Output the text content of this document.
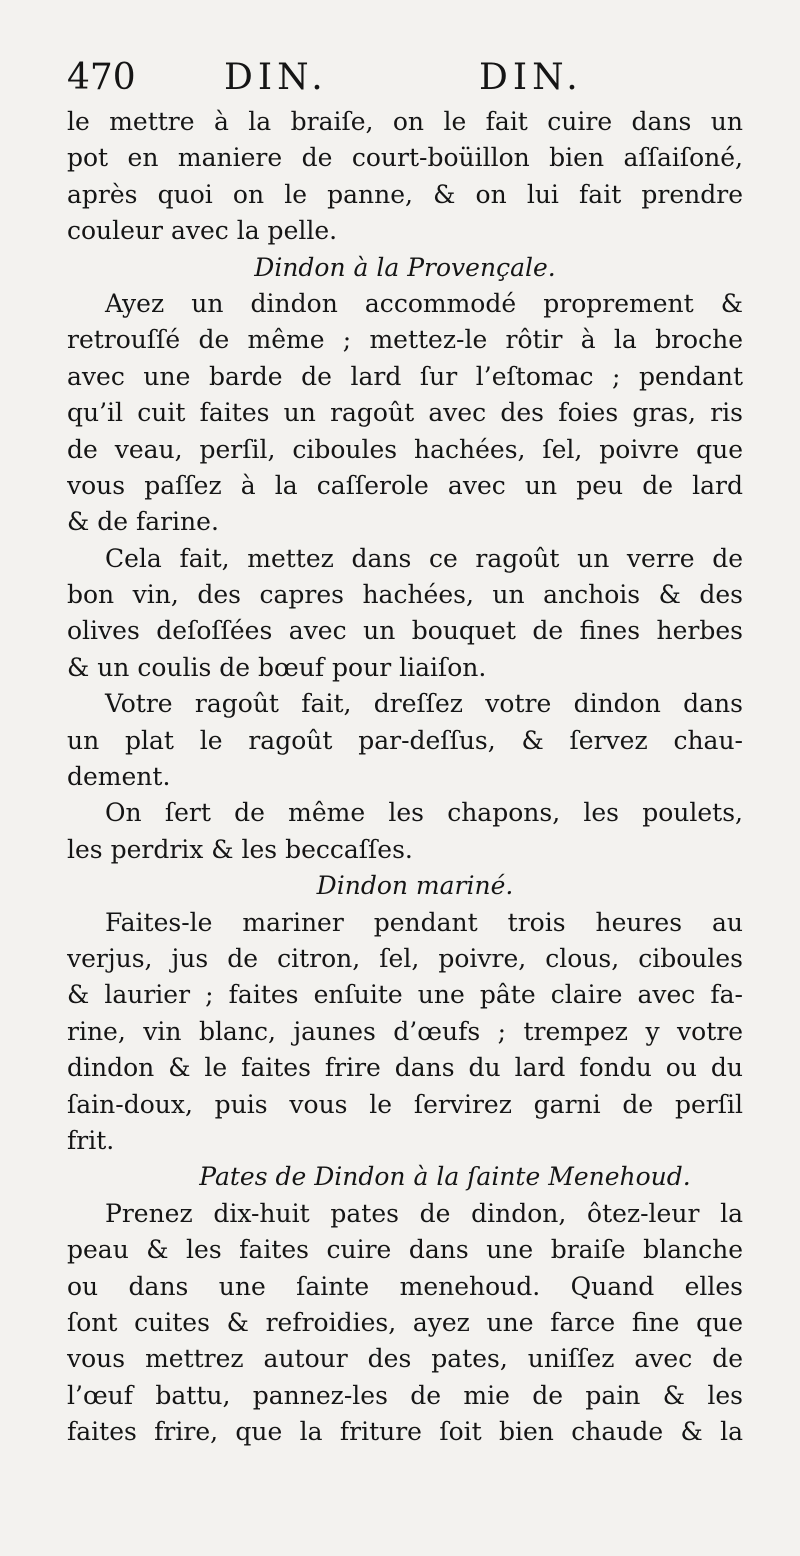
470 DIN.	DIN.
le mettre à la braiſe, on le fait cuire dans un
pot en maniere de court-boüillon bien aſſaiſoné,
après quoi on le panne, & on lui fait prendre
couleur avec la pelle.
Dindon à la Provençale.
Ayez un dindon accommodé proprement &
retrouſſé de même ; mettez-le rôtir à la broche
avec une barde de lard ſur l’eſtomac ; pendant
qu’il cuit faites un ragoût avec des foies gras, ris
de veau, perſil, ciboules hachées, ſel, poivre que
vous paſſez à la caſſerole avec un peu de lard
& de farine.
Cela fait, mettez dans ce ragoût un verre de
bon vin, des capres hachées, un anchois & des
olives deſoſſées avec un bouquet de fines herbes
& un coulis de bœuf pour liaiſon.
Votre ragoût fait, dreſſez votre dindon dans
un plat le ragoût par-deſſus, & ſervez chau-
dement.
On ſert de même les chapons, les poulets,
les perdrix & les beccaſſes.
Dindon mariné.
Faites-le mariner pendant trois heures au
verjus, jus de citron, ſel, poivre, clous, ciboules
& laurier ; faites enſuite une pâte claire avec fa-
rine, vin blanc, jaunes d’œufs ; trempez y votre
dindon & le faites frire dans du lard fondu ou du
ſain-doux, puis vous le ſervirez garni de perſil
frit.
Pates de Dindon à la ſainte Menehoud.
Prenez dix-huit pates de dindon, ôtez-leur la
peau & les faites cuire dans une braiſe blanche
ou dans une ſainte menehoud. Quand elles
ſont cuites & refroidies, ayez une farce fine que
vous mettrez autour des pates, uniſſez avec de
l’œuf battu, pannez-les de mie de pain & les
faites frire, que la friture ſoit bien chaude & la
